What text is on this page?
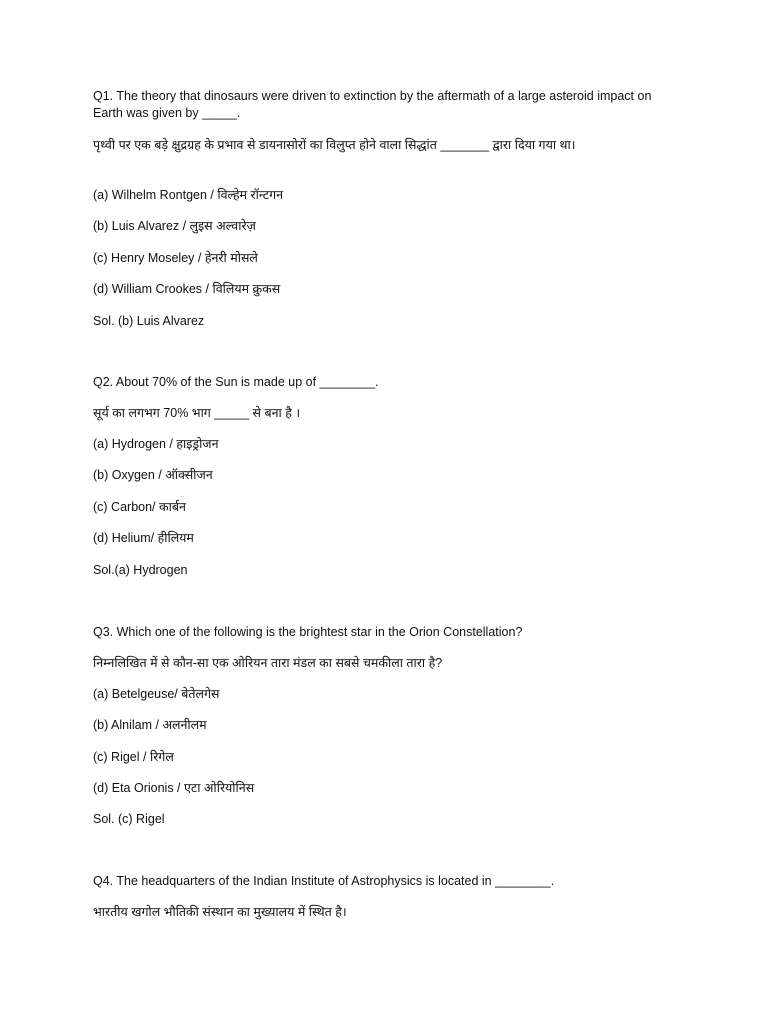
Q1. The theory that dinosaurs were driven to extinction by the aftermath of a large asteroid impact on Earth was given by _____.
पृथ्वी पर एक बड़े क्षुद्रग्रह के प्रभाव से डायनासोरों का विलुप्त होने वाला सिद्धांत _______ द्वारा दिया गया था।
(a) Wilhelm Rontgen / विल्हेम रॉन्टगन
(b) Luis Alvarez / लुइस अल्वारेज़
(c) Henry Moseley / हेनरी मोसले
(d) William Crookes / विलियम क्रुकस
Sol. (b) Luis Alvarez
Q2. About 70% of the Sun is made up of ________.
सूर्य का लगभग 70% भाग _____ से बना है ।
(a) Hydrogen / हाइड्रोजन
(b) Oxygen / ऑक्सीजन
(c) Carbon/ कार्बन
(d) Helium/ हीलियम
Sol.(a) Hydrogen
Q3. Which one of the following is the brightest star in the Orion Constellation?
निम्नलिखित में से कौन-सा एक ओरियन तारा मंडल का सबसे चमकीला तारा है?
(a) Betelgeuse/ बेतेलगेस
(b) Alnilam / अलनीलम
(c) Rigel / रिगेल
(d) Eta Orionis / एटा ओरियोनिस
Sol. (c) Rigel
Q4. The headquarters of the Indian Institute of Astrophysics is located in ________.
भारतीय खगोल भौतिकी संस्थान का मुख्यालय में स्थित है।
